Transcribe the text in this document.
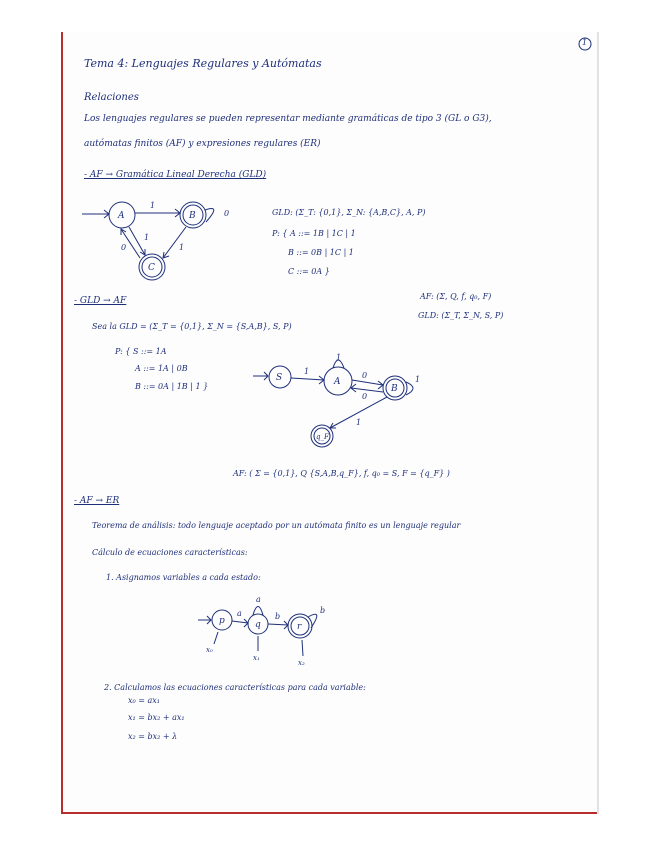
1
Tema 4: Lenguajes Regulares y Autómatas
Relaciones
Los lenguajes regulares se pueden representar mediante gramáticas de tipo 3 (GL o G3),
autómatas finitos (AF) y expresiones regulares (ER)
- AF → Gramática Lineal Derecha (GLD)
1
0
1
0	1
A	B
C
GLD: (Σ_T: {0,1}, Σ_N: {A,B,C}, A, P)
P: { A ::= 1B | 1C | 1
B ::= 0B | 1C | 1
C ::= 0A }
AF: (Σ, Q, f, q₀, F)
GLD: (Σ_T, Σ_N, S, P)
- GLD → AF
Sea la GLD = (Σ_T = {0,1}, Σ_N = {S,A,B}, S, P)
P: { S ::= 1A
A ::= 1A | 0B
B ::= 0A | 1B | 1 }
1
1
0
0
1
1
S	A
B
q_F
AF: ( Σ = {0,1}, Q {S,A,B,q_F}, f, q₀ = S, F = {q_F} )
- AF → ER
Teorema de análisis: todo lenguaje aceptado por un autómata finito es un lenguaje regular
Cálculo de ecuaciones características:
1. Asignamos variables a cada estado:
a
a
b
b
p	q	r
x₀
x₁
x₂
2. Calculamos las ecuaciones características para cada variable:
x₀ = ax₁
x₁ = bx₂ + ax₁
x₂ = bx₂ + λ
